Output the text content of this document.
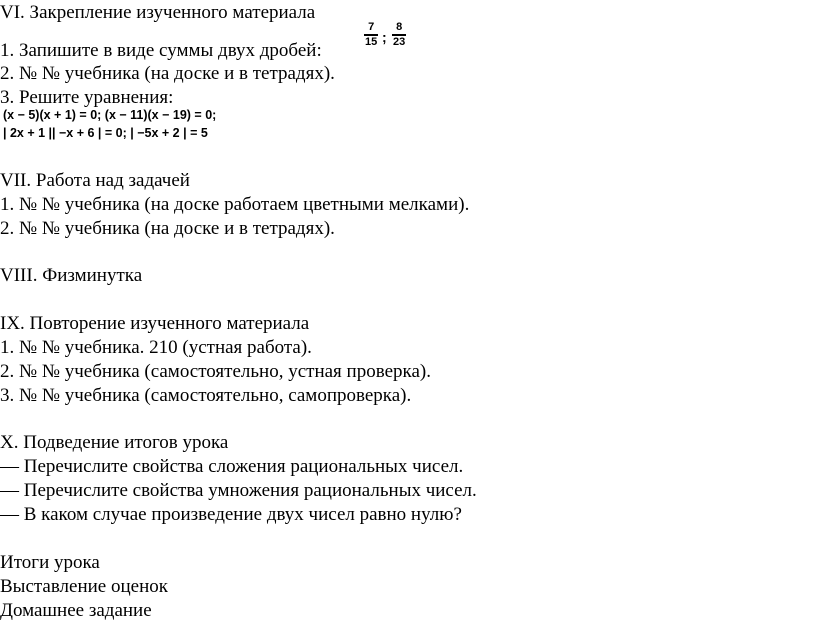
VI. Закрепление изученного материала
1. Запишите в виде суммы двух дробей:
7
15 ;
8
23
2. № № учебника (на доске и в тетрадях).
3. Решите уравнения:
(x − 5)(x + 1) = 0; (x − 11)(x − 19) = 0;
| 2x + 1 || −x + 6 | = 0; | −5x + 2 | = 5
VII. Работа над задачей
1. № № учебника (на доске работаем цветными мелками).
2. № № учебника (на доске и в тетрадях).
VIII. Физминутка
IX. Повторение изученного материала
1. № № учебника. 210 (устная работа).
2. № № учебника (самостоятельно, устная проверка).
3. № № учебника (самостоятельно, самопроверка).
X. Подведение итогов урока
— Перечислите свойства сложения рациональных чисел.
— Перечислите свойства умножения рациональных чисел.
— В каком случае произведение двух чисел равно нулю?
Итоги урока
Выставление оценок
Домашнее задание
